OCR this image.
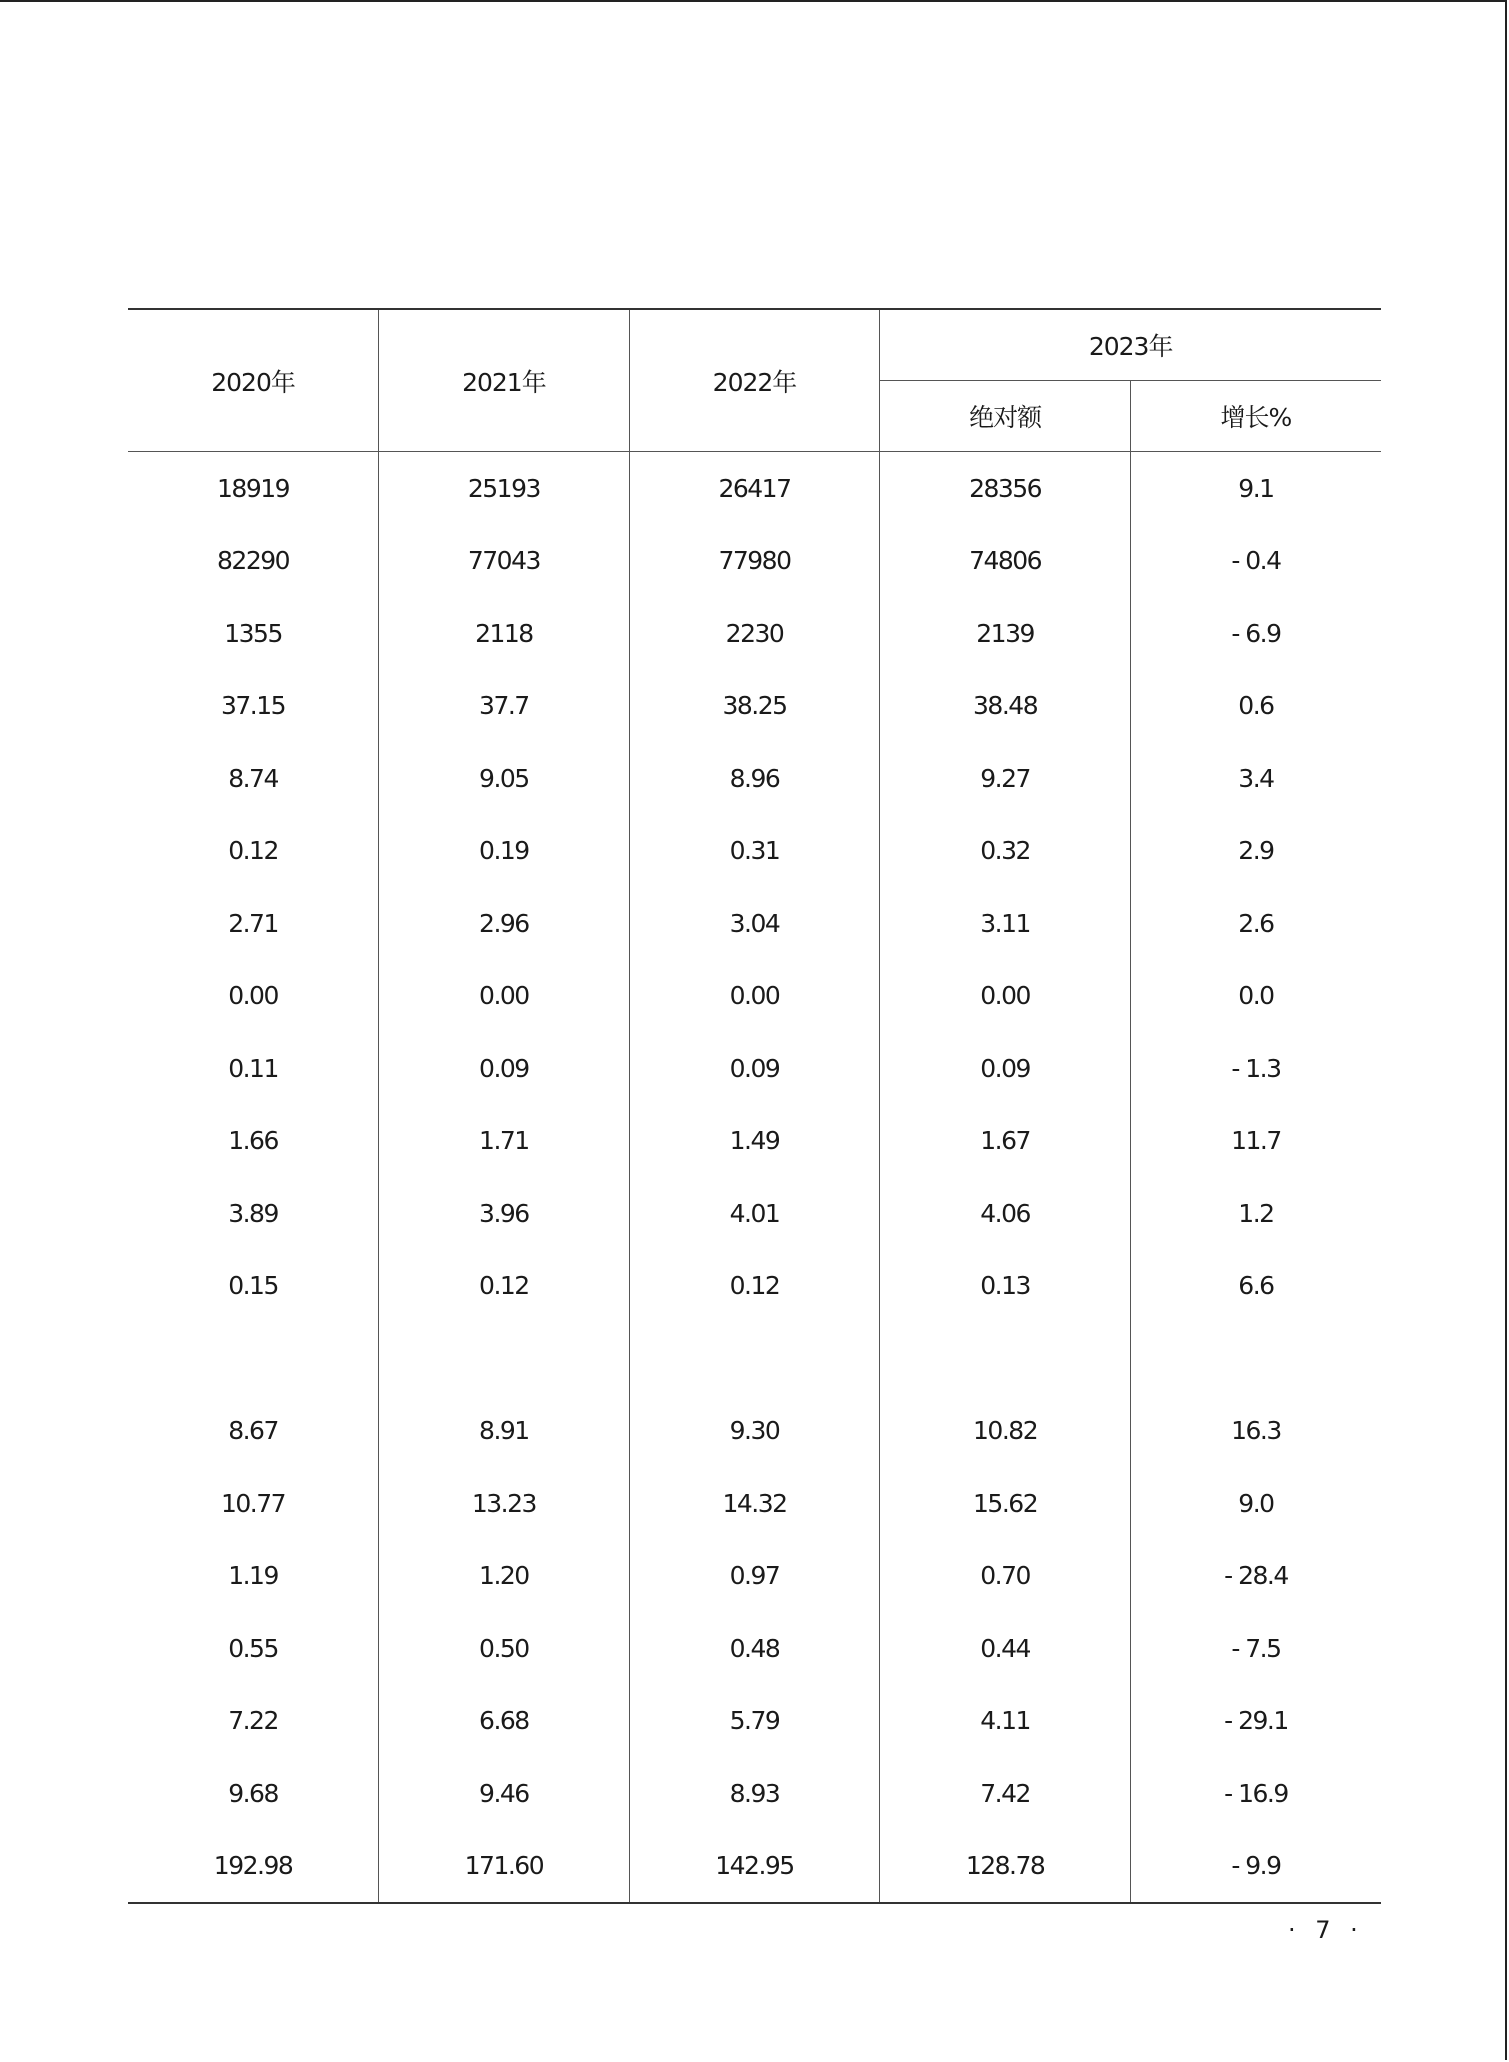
2020年	2021年	2022年	2023年	
			绝对额	增长%
18919	25193	26417	28356	9.1
82290	77043	77980	74806	- 0.4
1355	2118	2230	2139	- 6.9
37.15	37.7	38.25	38.48	0.6
8.74	9.05	8.96	9.27	3.4
0.12	0.19	0.31	0.32	2.9
2.71	2.96	3.04	3.11	2.6
0.00	0.00	0.00	0.00	0.0
0.11	0.09	0.09	0.09	- 1.3
1.66	1.71	1.49	1.67	11.7
3.89	3.96	4.01	4.06	1.2
0.15	0.12	0.12	0.13	6.6

8.67	8.91	9.30	10.82	16.3
10.77	13.23	14.32	15.62	9.0
1.19	1.20	0.97	0.70	- 28.4
0.55	0.50	0.48	0.44	- 7.5
7.22	6.68	5.79	4.11	- 29.1
9.68	9.46	8.93	7.42	- 16.9
192.98	171.60	142.95	128.78	- 9.9
· 7 ·
